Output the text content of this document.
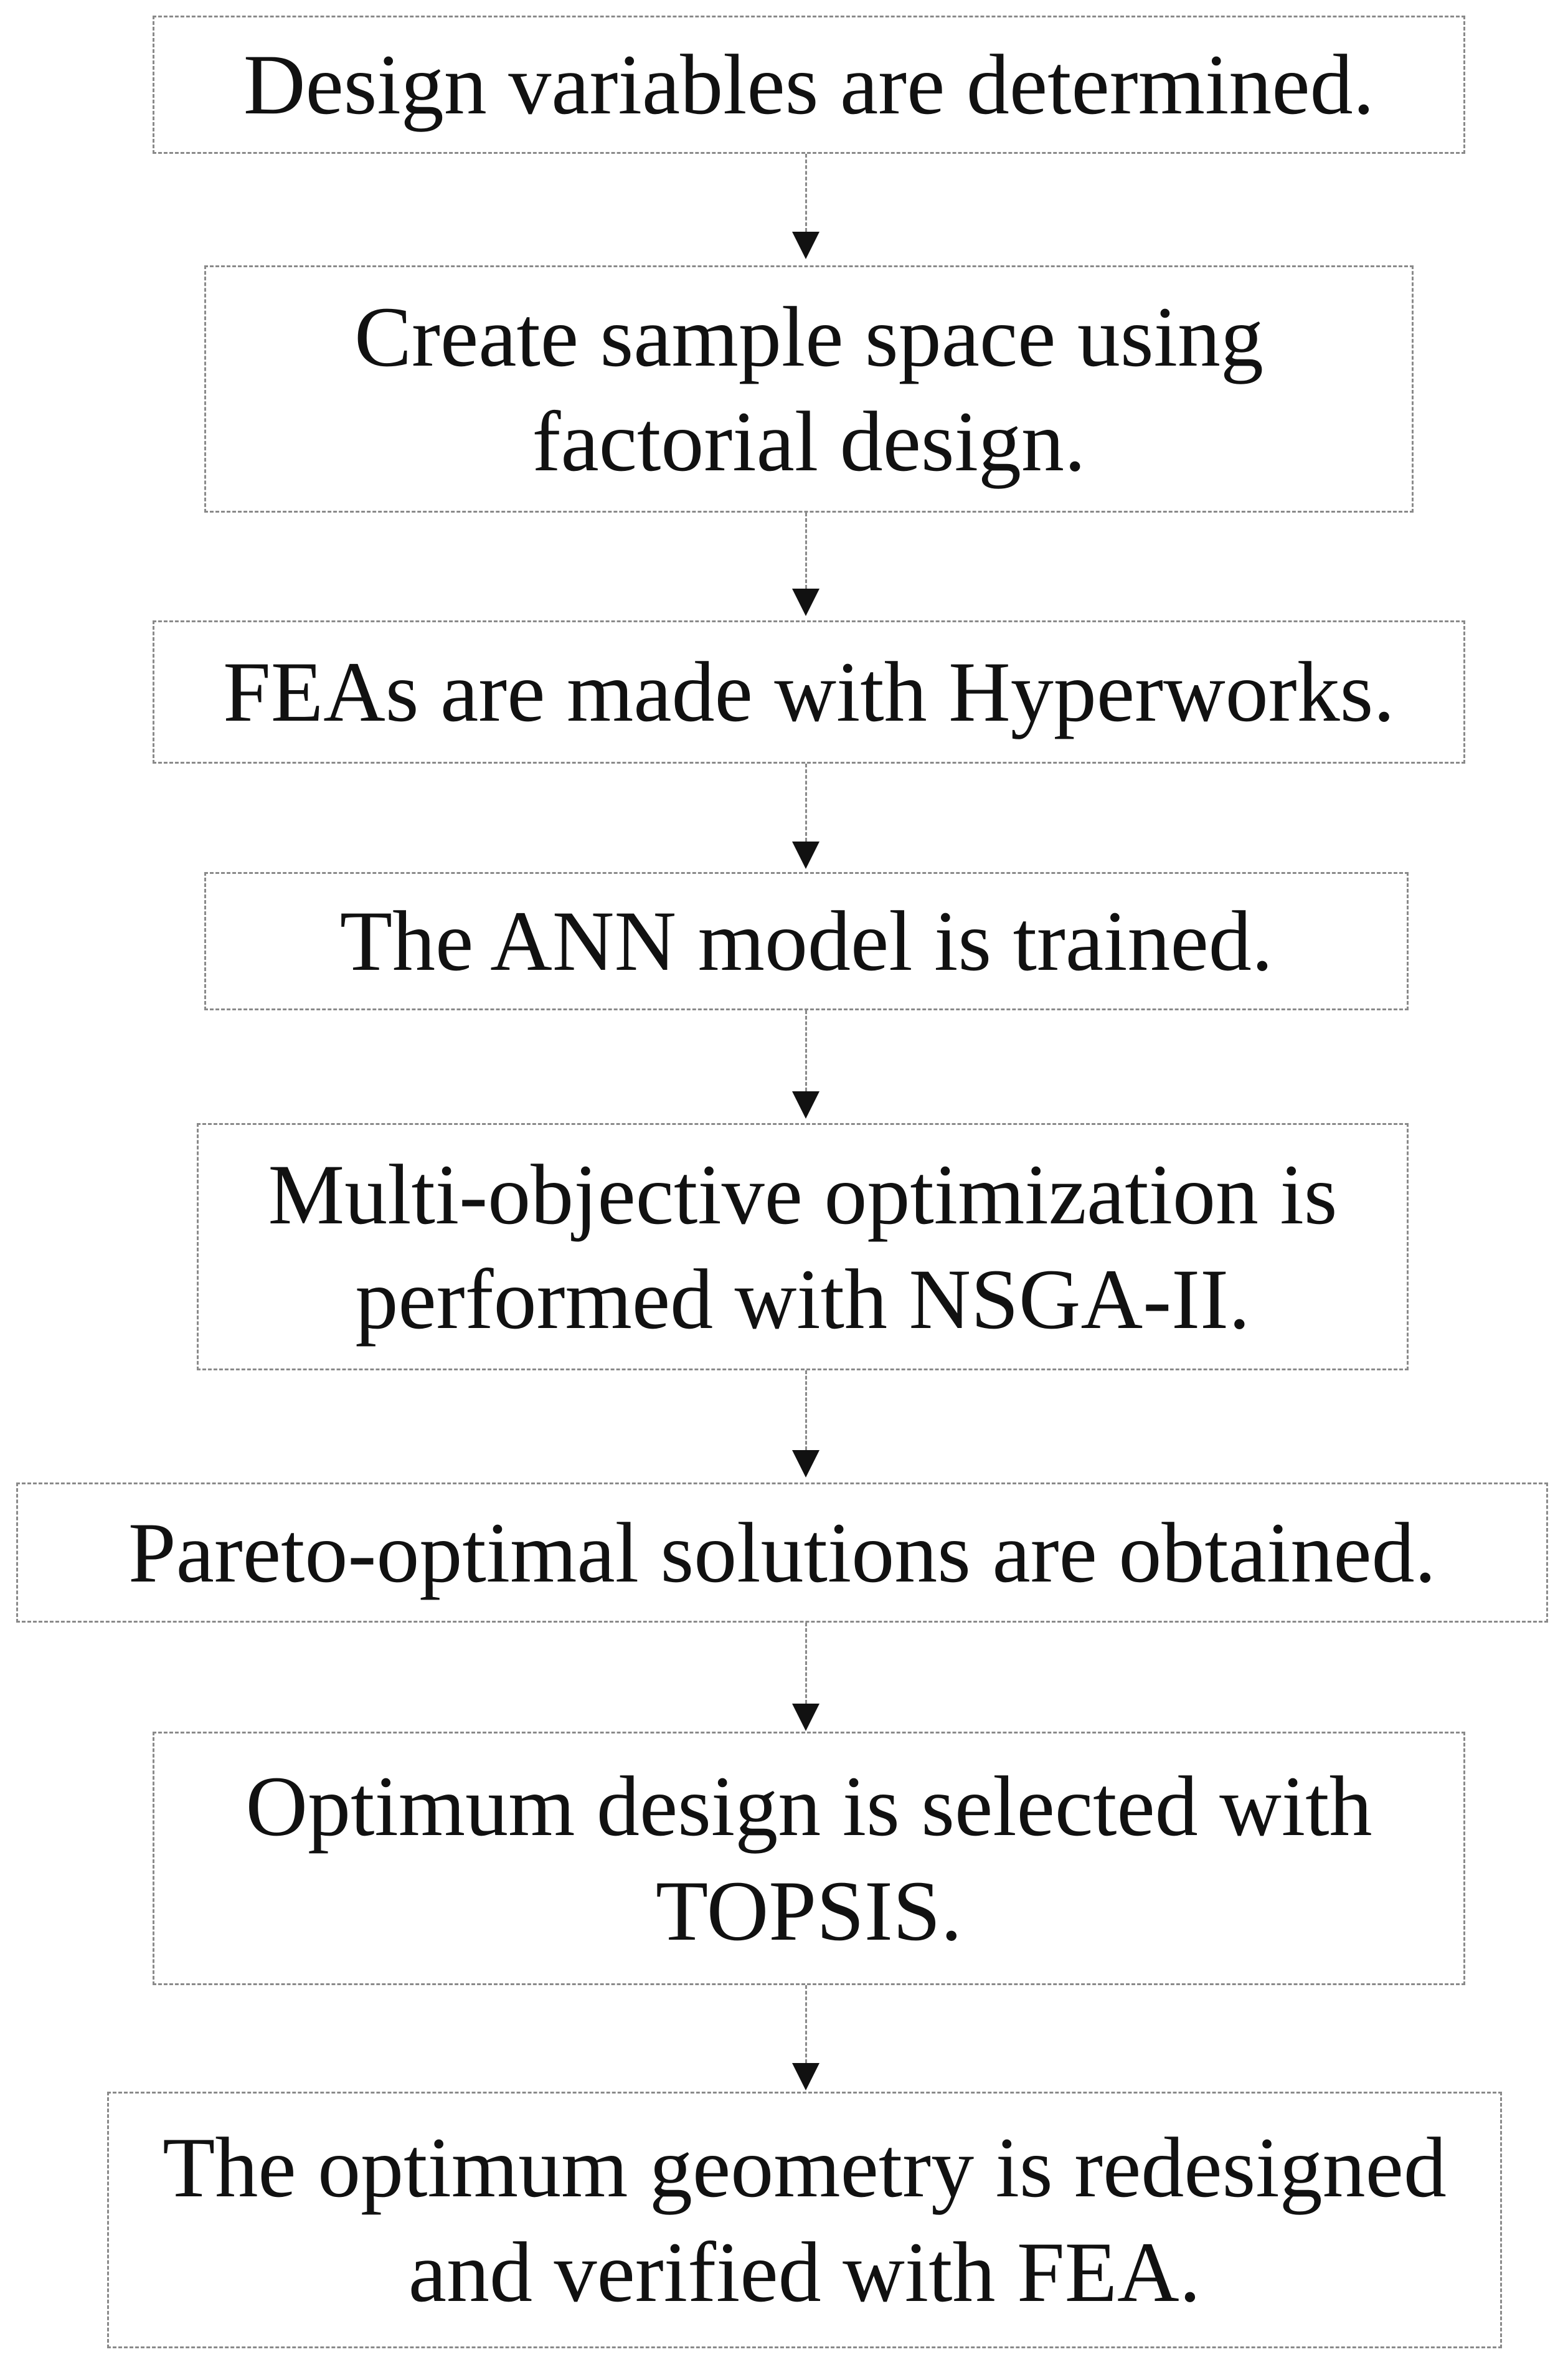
Design variables are determined.
Create sample space using
factorial design.
FEAs are made with Hyperworks.
The ANN model is trained.
Multi-objective optimization is
performed with NSGA-II.
Pareto-optimal solutions are obtained.
Optimum design is selected with
TOPSIS.
The optimum geometry is redesigned
and verified with FEA.
